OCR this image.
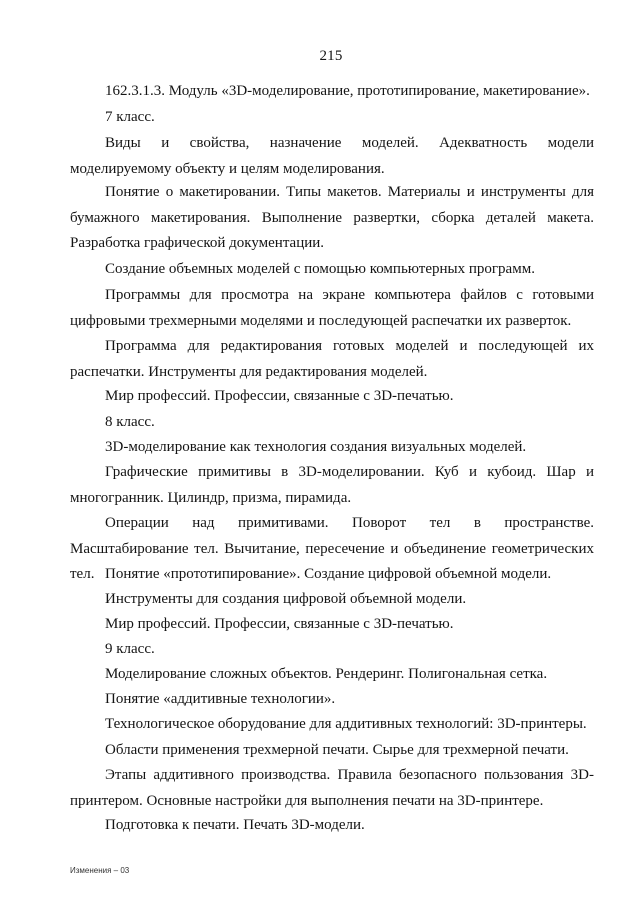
215

162.3.1.3. Модуль «3D-моделирование, прототипирование, макетирование».

7 класс.

Виды и свойства, назначение моделей. Адекватность модели моделируемому объекту и целям моделирования.

Понятие о макетировании. Типы макетов. Материалы и инструменты для бумажного макетирования. Выполнение развертки, сборка деталей макета. Разработка графической документации.

Создание объемных моделей с помощью компьютерных программ.

Программы для просмотра на экране компьютера файлов с готовыми цифровыми трехмерными моделями и последующей распечатки их разверток.

Программа для редактирования готовых моделей и последующей их распечатки. Инструменты для редактирования моделей.

Мир профессий. Профессии, связанные с 3D-печатью.

8 класс.

3D-моделирование как технология создания визуальных моделей.

Графические примитивы в 3D-моделировании. Куб и кубоид. Шар и многогранник. Цилиндр, призма, пирамида.

Операции над примитивами. Поворот тел в пространстве. Масштабирование тел. Вычитание, пересечение и объединение геометрических тел. Понятие «прототипирование». Создание цифровой объемной модели.

Инструменты для создания цифровой объемной модели.

Мир профессий. Профессии, связанные с 3D-печатью.

9 класс.

Моделирование сложных объектов. Рендеринг. Полигональная сетка.

Понятие «аддитивные технологии».

Технологическое оборудование для аддитивных технологий: 3D-принтеры.

Области применения трехмерной печати. Сырье для трехмерной печати.

Этапы аддитивного производства. Правила безопасного пользования 3D-принтером. Основные настройки для выполнения печати на 3D-принтере.

Подготовка к печати. Печать 3D-модели.

Изменения – 03
